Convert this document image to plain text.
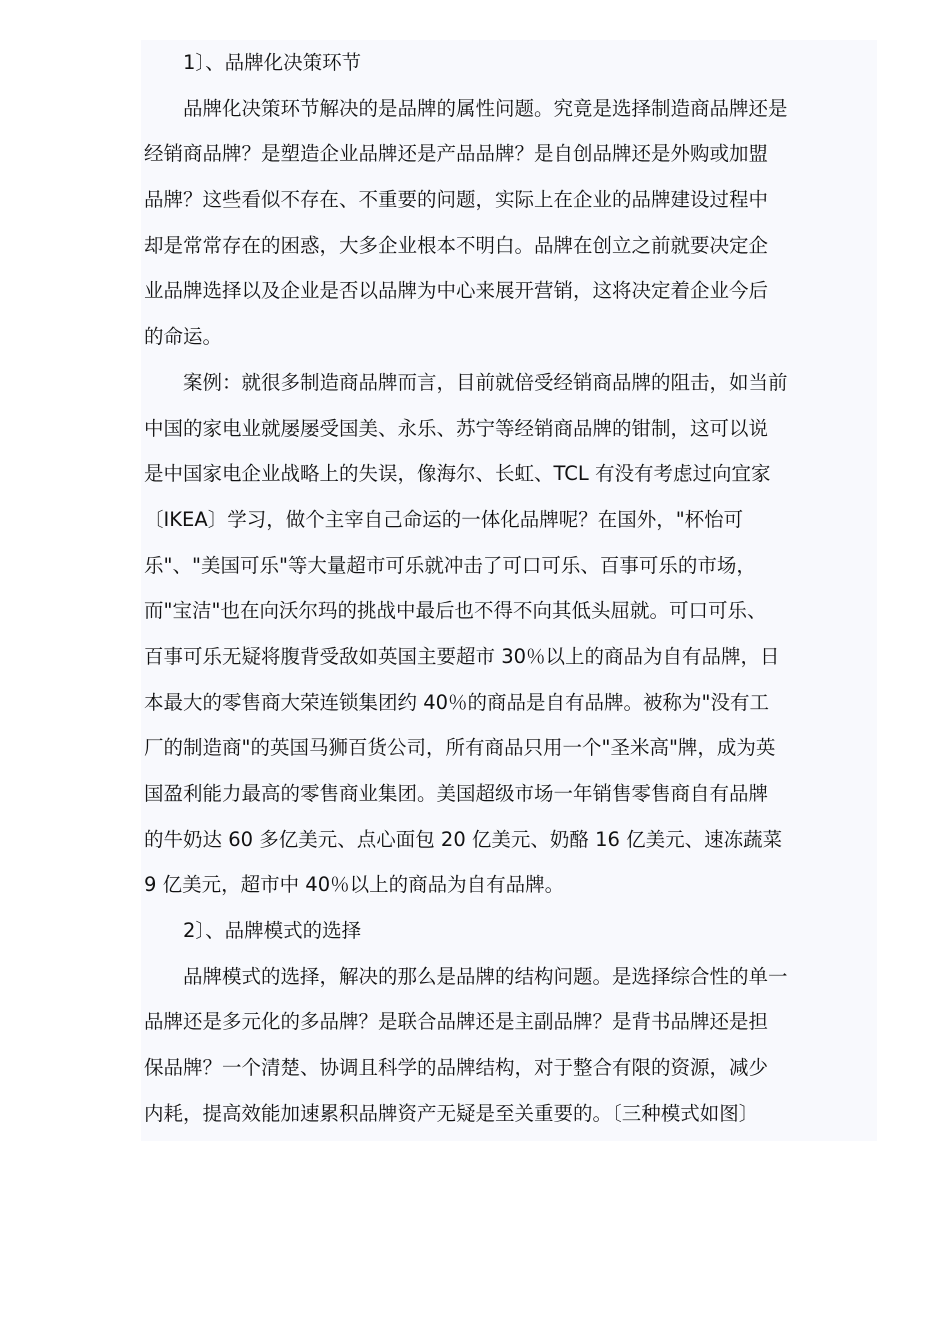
1〕、品牌化决策环节
品牌化决策环节解决的是品牌的属性问题。究竟是选择制造商品牌还是
经销商品牌？是塑造企业品牌还是产品品牌？是自创品牌还是外购或加盟
品牌？这些看似不存在、不重要的问题，实际上在企业的品牌建设过程中
却是常常存在的困惑，大多企业根本不明白。品牌在创立之前就要决定企
业品牌选择以及企业是否以品牌为中心来展开营销，这将决定着企业今后
的命运。
案例：就很多制造商品牌而言，目前就倍受经销商品牌的阻击，如当前
中国的家电业就屡屡受国美、永乐、苏宁等经销商品牌的钳制，这可以说
是中国家电企业战略上的失误，像海尔、长虹、TCL 有没有考虑过向宜家
〔IKEA〕学习，做个主宰自己命运的一体化品牌呢？在国外，"杯怡可
乐"、"美国可乐"等大量超市可乐就冲击了可口可乐、百事可乐的市场，
而"宝洁"也在向沃尔玛的挑战中最后也不得不向其低头屈就。可口可乐、
百事可乐无疑将腹背受敌如英国主要超市 30％以上的商品为自有品牌，日
本最大的零售商大荣连锁集团约 40％的商品是自有品牌。被称为"没有工
厂的制造商"的英国马狮百货公司，所有商品只用一个"圣米高"牌，成为英
国盈利能力最高的零售商业集团。美国超级市场一年销售零售商自有品牌
的牛奶达 60 多亿美元、点心面包 20 亿美元、奶酪 16 亿美元、速冻蔬菜
9 亿美元，超市中 40％以上的商品为自有品牌。
2〕、品牌模式的选择
品牌模式的选择，解决的那么是品牌的结构问题。是选择综合性的单一
品牌还是多元化的多品牌？是联合品牌还是主副品牌？是背书品牌还是担
保品牌？一个清楚、协调且科学的品牌结构，对于整合有限的资源，减少
内耗，提高效能加速累积品牌资产无疑是至关重要的。〔三种模式如图〕
